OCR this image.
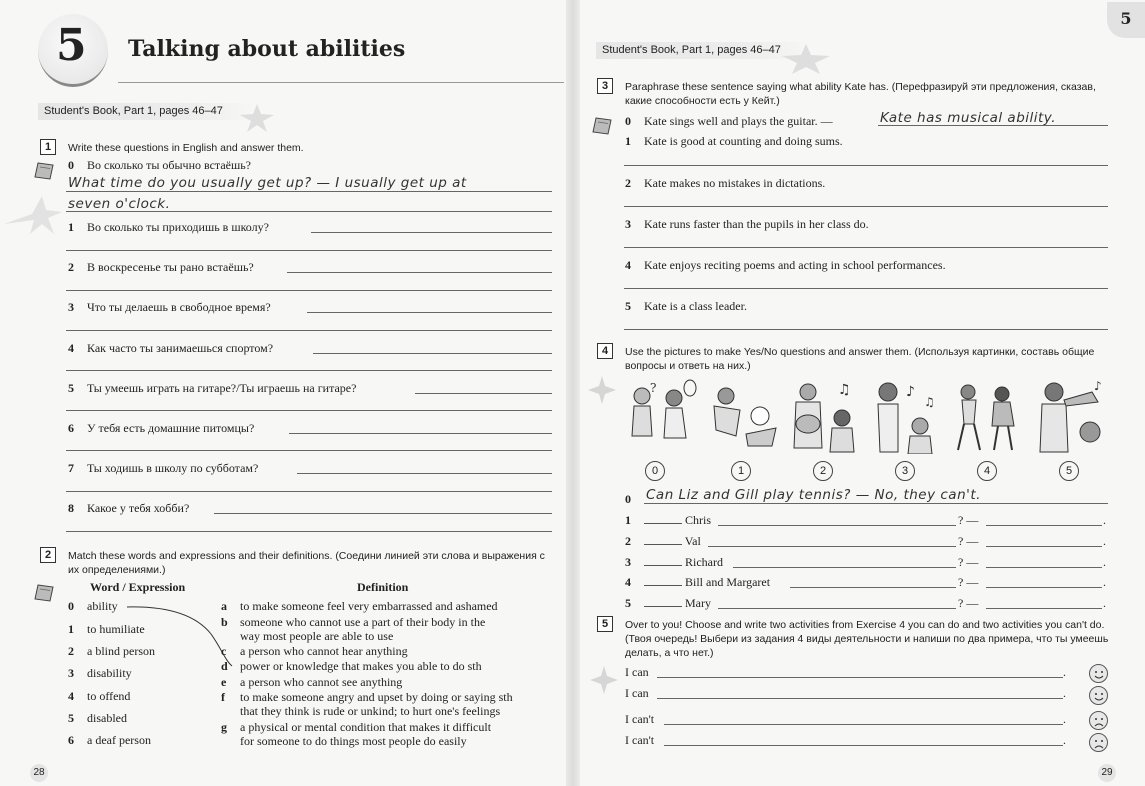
5 Talking about abilities
Student's Book, Part 1, pages 46–47
1	Write these questions in English and answer them.
0 Во сколько ты обычно встаёшь?
What time do you usually get up? — I usually get up at
seven o'clock.
1 Во сколько ты приходишь в школу?
2 В воскресенье ты рано встаёшь?
3 Что ты делаешь в свободное время?
4 Как часто ты занимаешься спортом?
5 Ты умеешь играть на гитаре?/Ты играешь на гитаре?
6 У тебя есть домашние питомцы?
7 Ты ходишь в школу по субботам?
8 Какое у тебя хобби?
2	Match these words and expressions and their definitions. (Соедини линией эти слова и выражения с их определениями.)
Word / Expression	Definition
0 ability
1 to humiliate
2 a blind person
3 disability
4 to offend
5 disabled
6 a deaf person
a to make someone feel very embarrassed and ashamed
b someone who cannot use a part of their body in the
way most people are able to use
c a person who cannot hear anything
d power or knowledge that makes you able to do sth
e a person who cannot see anything
f to make someone angry and upset by doing or saying sth
that they think is rude or unkind; to hurt one's feelings
g a physical or mental condition that makes it difficult
for someone to do things most people do easily
28
5
Student's Book, Part 1, pages 46–47
3	Paraphrase these sentence saying what ability Kate has. (Перефразируй эти предложения, сказав, какие способности есть у Кейт.)
0 Kate sings well and plays the guitar. —	Kate has musical ability.
1 Kate is good at counting and doing sums.
2 Kate makes no mistakes in dictations.
3 Kate runs faster than the pupils in her class do.
4 Kate enjoys reciting poems and acting in school performances.
5 Kate is a class leader.
4	Use the pictures to make Yes/No questions and answer them. (Используя картинки, составь общие вопросы и ответь на них.)
?	♫	♪
♫
♪
0	1	2	3	4	5
0 Can Liz and Gill play tennis? — No, they can't.
1	Chris	? —	.
2	Val	? —	.
3	Richard	? —	.
4	Bill and Margaret	? —	.
5	Mary	? —	.
5	Over to you! Choose and write two activities from Exercise 4 you can do and two activities you can't do. (Твоя очередь! Выбери из задания 4 виды деятельности и напиши по два примера, что ты умеешь делать, а что нет.)
I can	.
I can	.
I can't	.
I can't	.
29
